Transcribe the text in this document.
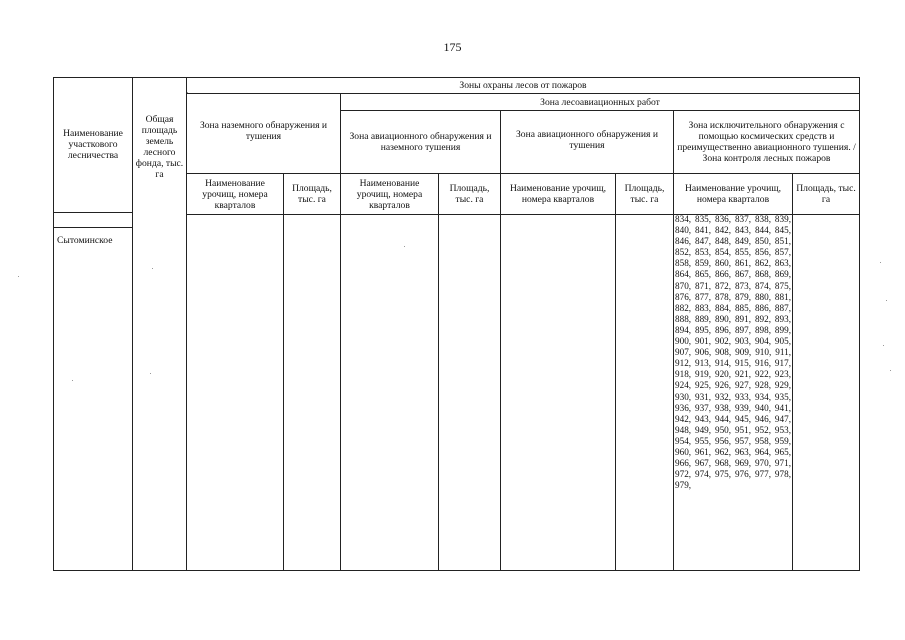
175
Наименование участкового лесничества
Общая площадь земель лесного фонда, тыс. га
Зоны охраны лесов от пожаров
Зона лесоавиационных работ
Зона наземного обнаружения и тушения	Зона авиационного обнаружения и наземного тушения
Зона авиационного обнаружения и тушения
Зона исключительного обнаружения с помощью космических средств и преимущественно авиационного тушения. / Зона контроля лесных пожаров
Наименование урочищ, номера кварталов
Площадь, тыс. га
Наименование урочищ, номера кварталов
Площадь, тыс. га
Наименование урочищ, номера кварталов
Площадь, тыс. га
Наименование урочищ, номера кварталов
Площадь, тыс. га
Сытоминское
834, 835, 836, 837, 838, 839, 840, 841, 842, 843, 844, 845, 846, 847, 848, 849, 850, 851, 852, 853, 854, 855, 856, 857, 858, 859, 860, 861, 862, 863, 864, 865, 866, 867, 868, 869, 870, 871, 872, 873, 874, 875, 876, 877, 878, 879, 880, 881, 882, 883, 884, 885, 886, 887, 888, 889, 890, 891, 892, 893, 894, 895, 896, 897, 898, 899, 900, 901, 902, 903, 904, 905, 907, 906, 908, 909, 910, 911, 912, 913, 914, 915, 916, 917, 918, 919, 920, 921, 922, 923, 924, 925, 926, 927, 928, 929, 930, 931, 932, 933, 934, 935, 936, 937, 938, 939, 940, 941, 942, 943, 944, 945, 946, 947, 948, 949, 950, 951, 952, 953, 954, 955, 956, 957, 958, 959, 960, 961, 962, 963, 964, 965, 966, 967, 968, 969, 970, 971, 972, 974, 975, 976, 977, 978, 979,
